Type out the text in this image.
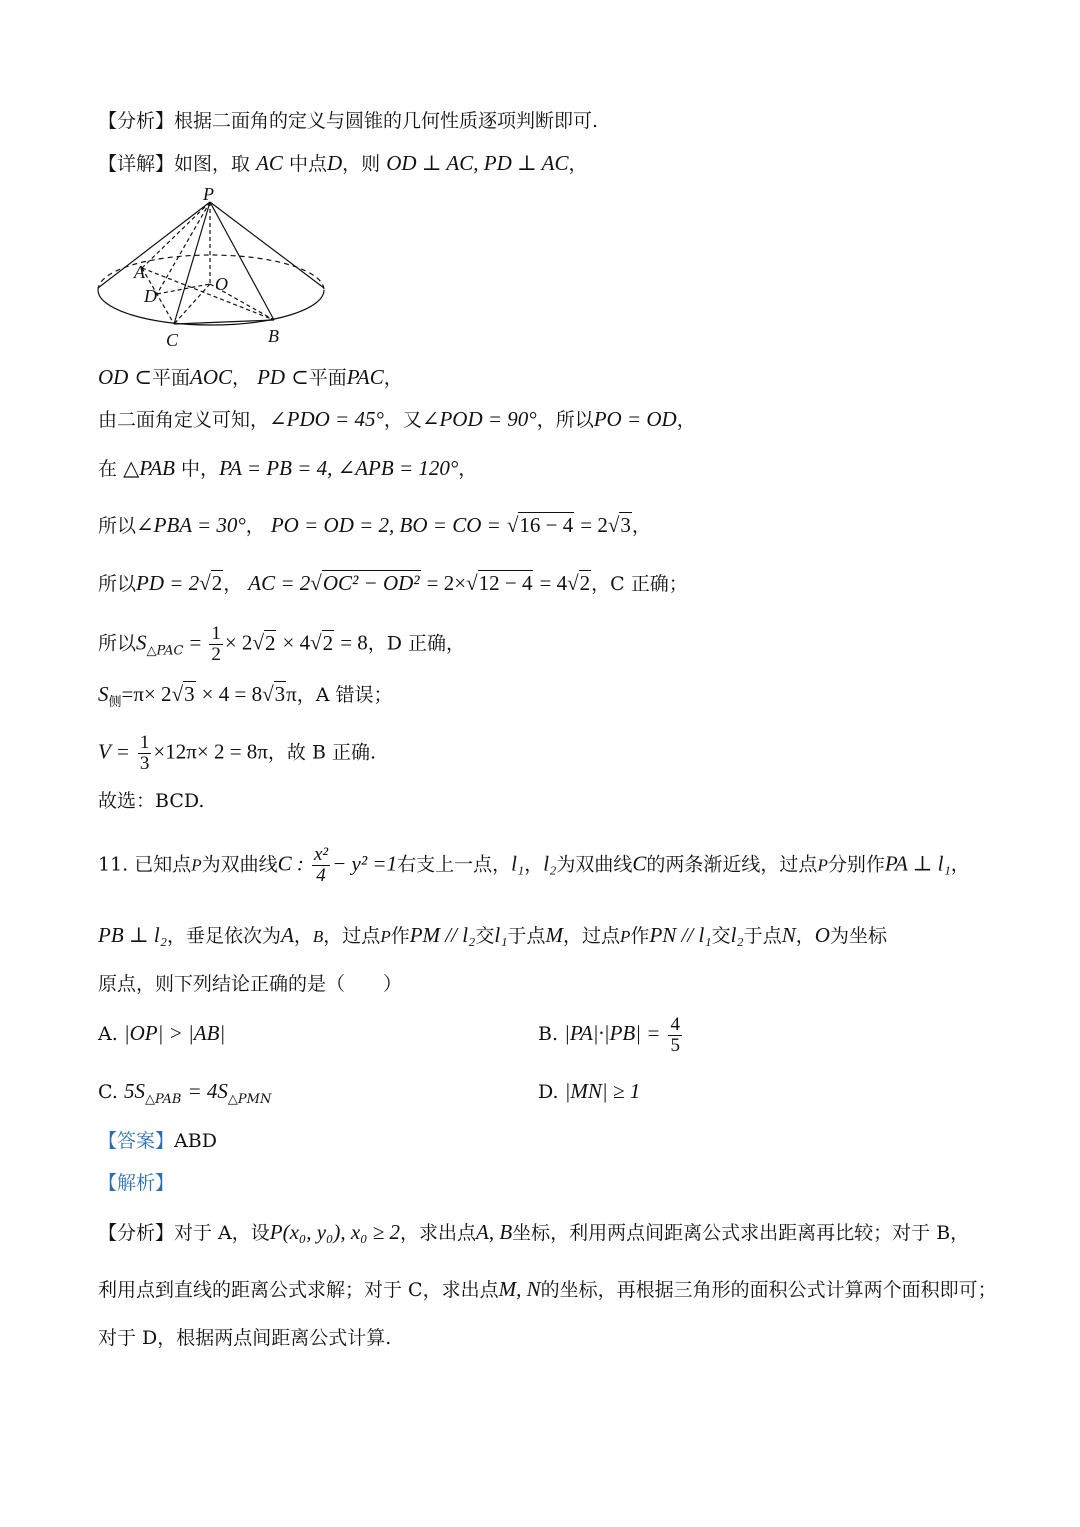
【分析】根据二面角的定义与圆锥的几何性质逐项判断即可.
【详解】如图，取 AC 中点D，则 OD ⊥ AC, PD ⊥ AC，
P
A
D
O
C	B
OD ⊂平面AOC， PD ⊂平面PAC，
由二面角定义可知，∠PDO = 45°，又∠POD = 90°，所以PO = OD，
在 △PAB 中，PA = PB = 4, ∠APB = 120°，
所以∠PBA = 30°， PO = OD = 2, BO = CO = √16 − 4 = 2√3，
所以PD = 2√2， AC = 2√OC² − OD² = 2×√12 − 4 = 4√2，C 正确；
所以$S_{\triangle PAC} = \frac{1}{2} \times 2√2 \times 4√2 = 8$，D 正确，
$S_侧=\pi\times 2√3 \times 4 = 8√3\pi$，A 错误；
$V = \frac{1}{3} \times 12\pi\times 2 = 8\pi$，故 B 正确.
故选：BCD.
11. 已知点P为双曲线C : $\frac{\text{x²}}{4} - y^2 =1$右支上一点，l₁，l₂为双曲线C的两条渐近线，过点P分别作PA ⊥ l₁，
PB ⊥ l₂，垂足依次为A，B，过点P作PM // l₂交l₁于点M，过点P作PN // l₁交l₂于点N，O为坐标
原点，则下列结论正确的是（　　）
A. |OP| > |AB|	B. $|PA|\cdot|PB| = \frac{4}{5}$
C. $5S_{\triangle PAB} = 4S_{\triangle PMN}$	D. |MN| ≥ 1
【答案】ABD
【解析】
【分析】对于 A，设P(x₀, y₀), x₀ ≥ 2，求出点A, B坐标，利用两点间距离公式求出距离再比较；对于 B，
利用点到直线的距离公式求解；对于 C，求出点M, N的坐标，再根据三角形的面积公式计算两个面积即可；
对于 D，根据两点间距离公式计算.
